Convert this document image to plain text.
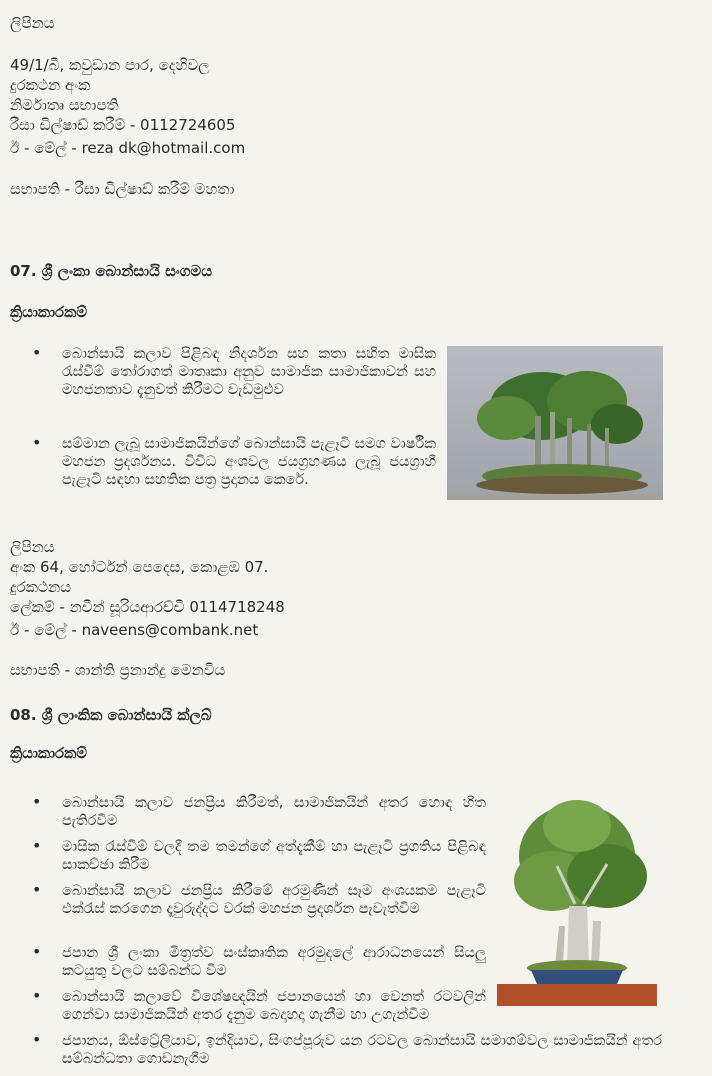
ලිපිනය
49/1/බී, කවුඩාන පාර, දෙහිවල
දුරකථන අංක
නිර්මාතෘ සභාපති
රීසා ඩිල්ෂාඩ් කරීම් - 0112724605
ඊ - මේල් - reza dk@hotmail.com
සභාපති - රීසා ඩිල්ෂාඩ් කරීම් මහතා
07. ශ්‍රී ලංකා බොන්සායි සංගමය
ක්‍රියාකාරකම්
• බොන්සායි කලාව පිළිබඳ නිදර්ශන සහ කතා සහිත මාසික රැස්වීම් තෝරාගත් මාතෘකා අනුව සාමාජික සාමාජිකාවන් සහ මහජනතාව දැනුවත් කිරීමට වැඩමුළුව
• සම්මාන ලැබූ සාමාජිකයින්ගේ බොන්සායි පැළෑටි සමග වාර්ෂික මහජන ප්‍රදර්ශනය. විවිධ අංශවල ජයග්‍රහණය ලැබූ ජයග්‍රාහී පැළෑටි සඳහා සහතික පත්‍ර ප්‍රදානය කෙරේ.
ලිපිනය
අංක 64, හෝර්ටන් පෙදෙස, කොළඹ 07.
දුරකථනය
ලේකම් - නවීන් සූරියආරච්චි 0114718248
ඊ - මේල් - naveens@combank.net
සභාපති - ශාන්ති ප්‍රනාන්දු මෙනවිය
08. ශ්‍රී ලාංකික බොන්සායි ක්ලබ්
ක්‍රියාකාරකම්
• බොන්සායි කලාව ජනප්‍රිය කිරීමත්, සාමාජිකයින් අතර හොඳ හිත පැතිරවීම
• මාසික රැස්වීම් වලදී තම තමන්ගේ අත්දැකීම් හා පැළෑටි ප්‍රගතිය පිළිබඳ සාකච්ඡා කිරීම
• බොන්සායි කලාව ජනප්‍රිය කිරීමේ අරමුණින් සෑම අංශයකම පැළෑටි එක්රැස් කරගෙන දෑවුරුද්දට වරක් මහජන ප්‍රදර්ශන පැවැත්වීම
• ජපාන ශ්‍රී ලංකා මිත්‍රත්ව සංස්කෘතික අරමුදලේ ආරාධනයෙන් සියලු කටයුතු වලට සම්බන්ධ වීම
• බොන්සායි කලාවේ විශේෂඥයින් ජපානයෙන් හා වෙනත් රටවලින් ගෙන්වා සාමාජිකයින් අතර දැනුම බෙදාහදා ගැනීම හා උගැන්වීම
• ජපානය, ඕස්ට්‍රේලියාව, ඉන්දියාව, සිංගප්පූරුව යන රටවල බොන්සායි සමාගම්වල සාමාජිකයින් අතර සම්බන්ධතා ගොඩනැගීම
